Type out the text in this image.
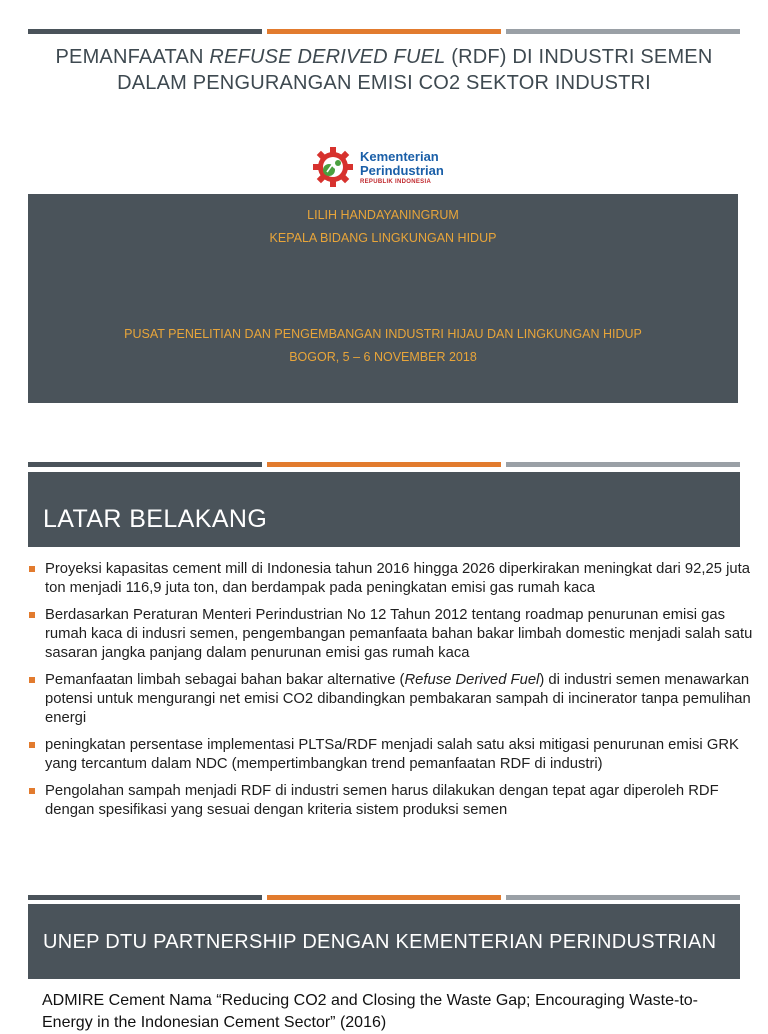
PEMANFAATAN REFUSE DERIVED FUEL (RDF) DI INDUSTRI SEMEN
DALAM PENGURANGAN EMISI CO2 SEKTOR INDUSTRI
Kementerian
Perindustrian
REPUBLIK INDONESIA
LILIH HANDAYANINGRUM
KEPALA BIDANG LINGKUNGAN HIDUP
PUSAT PENELITIAN DAN PENGEMBANGAN INDUSTRI HIJAU DAN LINGKUNGAN HIDUP
BOGOR, 5 – 6 NOVEMBER 2018
LATAR BELAKANG
Proyeksi kapasitas cement mill di Indonesia tahun 2016 hingga 2026 diperkirakan meningkat dari 92,25 juta ton menjadi 116,9 juta ton, dan berdampak pada peningkatan emisi gas rumah kaca
Berdasarkan Peraturan Menteri Perindustrian No 12 Tahun 2012 tentang roadmap penurunan emisi gas rumah kaca di indusri semen, pengembangan pemanfaata bahan bakar limbah domestic menjadi salah satu sasaran jangka panjang dalam penurunan emisi gas rumah kaca
Pemanfaatan limbah sebagai bahan bakar alternative (Refuse Derived Fuel) di industri semen menawarkan potensi untuk mengurangi net emisi CO2 dibandingkan pembakaran sampah di incinerator tanpa pemulihan energi
peningkatan persentase implementasi PLTSa/RDF menjadi salah satu aksi mitigasi penurunan emisi GRK yang tercantum dalam NDC (mempertimbangkan trend pemanfaatan RDF di industri)
Pengolahan sampah menjadi RDF di industri semen harus dilakukan dengan tepat agar diperoleh RDF dengan spesifikasi yang sesuai dengan kriteria sistem produksi semen
UNEP DTU PARTNERSHIP DENGAN KEMENTERIAN PERINDUSTRIAN
ADMIRE Cement Nama “Reducing CO2 and Closing the Waste Gap; Encouraging Waste-to-Energy in the Indonesian Cement Sector” (2016)
